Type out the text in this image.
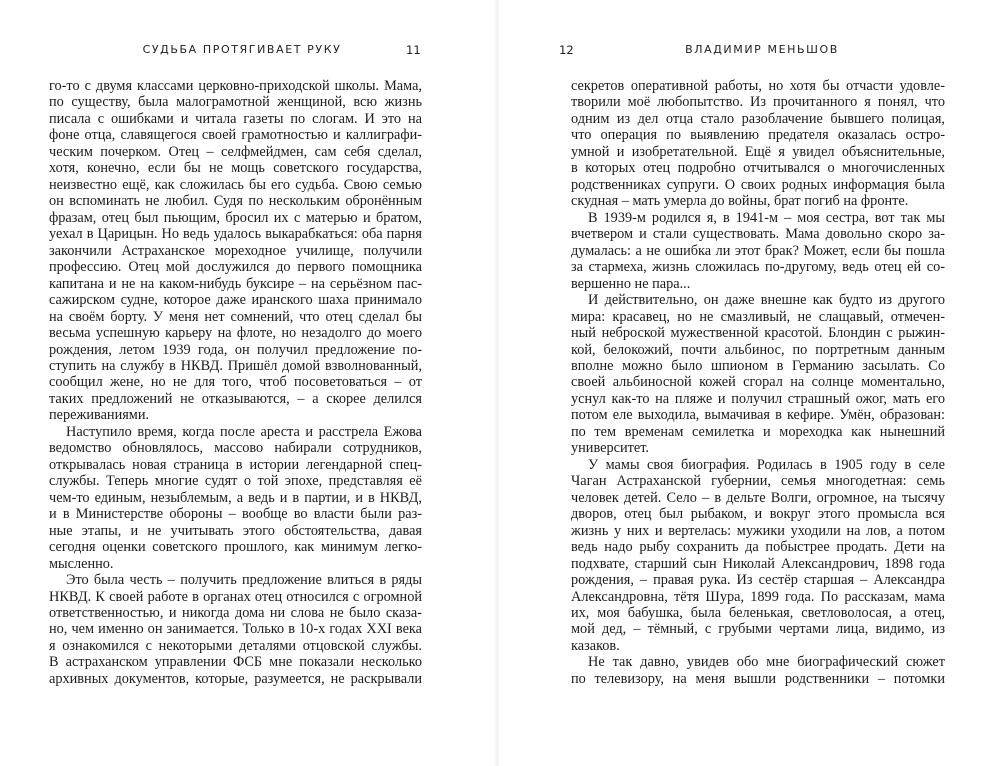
СУДЬБА ПРОТЯГИВАЕТ РУКУ	11
го-то с двумя классами церковно-приходской школы. Мама,
по существу, была малограмотной женщиной, всю жизнь
писала с ошибками и читала газеты по слогам. И это на
фоне отца, славящегося своей грамотностью и каллиграфи-
ческим почерком. Отец – селфмейдмен, сам себя сделал,
хотя, конечно, если бы не мощь советского государства,
неизвестно ещё, как сложилась бы его судьба. Свою семью
он вспоминать не любил. Судя по нескольким обронённым
фразам, отец был пьющим, бросил их с матерью и братом,
уехал в Царицын. Но ведь удалось выкарабкаться: оба парня
закончили Астраханское мореходное училище, получили
профессию. Отец мой дослужился до первого помощника
капитана и не на каком-нибудь буксире – на серьёзном пас-
сажирском судне, которое даже иранского шаха принимало
на своём борту. У меня нет сомнений, что отец сделал бы
весьма успешную карьеру на флоте, но незадолго до моего
рождения, летом 1939 года, он получил предложение по-
ступить на службу в НКВД. Пришёл домой взволнованный,
сообщил жене, но не для того, чтоб посоветоваться – от
таких предложений не отказываются, – а скорее делился
переживаниями.
Наступило время, когда после ареста и расстрела Ежова
ведомство обновлялось, массово набирали сотрудников,
открывалась новая страница в истории легендарной спец-
службы. Теперь многие судят о той эпохе, представляя её
чем-то единым, незыблемым, а ведь и в партии, и в НКВД,
и в Министерстве обороны – вообще во власти были раз-
ные этапы, и не учитывать этого обстоятельства, давая
сегодня оценки советского прошлого, как минимум легко-
мысленно.
Это была честь – получить предложение влиться в ряды
НКВД. К своей работе в органах отец относился с огромной
ответственностью, и никогда дома ни слова не было сказа-
но, чем именно он занимается. Только в 10-х годах XXI века
я ознакомился с некоторыми деталями отцовской службы.
В астраханском управлении ФСБ мне показали несколько
архивных документов, которые, разумеется, не раскрывали
12	ВЛАДИМИР МЕНЬШОВ
секретов оперативной работы, но хотя бы отчасти удовле-
творили моё любопытство. Из прочитанного я понял, что
одним из дел отца стало разоблачение бывшего полицая,
что операция по выявлению предателя оказалась остро-
умной и изобретательной. Ещё я увидел объяснительные,
в которых отец подробно отчитывался о многочисленных
родственниках супруги. О своих родных информация была
скудная – мать умерла до войны, брат погиб на фронте.
В 1939-м родился я, в 1941-м – моя сестра, вот так мы
вчетвером и стали существовать. Мама довольно скоро за-
думалась: а не ошибка ли этот брак? Может, если бы пошла
за стармеха, жизнь сложилась по-другому, ведь отец ей со-
вершенно не пара...
И действительно, он даже внешне как будто из другого
мира: красавец, но не смазливый, не слащавый, отмечен-
ный неброской мужественной красотой. Блондин с рыжин-
кой, белокожий, почти альбинос, по портретным данным
вполне можно было шпионом в Германию засылать. Со
своей альбиносной кожей сгорал на солнце моментально,
уснул как-то на пляже и получил страшный ожог, мать его
потом еле выходила, вымачивая в кефире. Умён, образован:
по тем временам семилетка и мореходка как нынешний
университет.
У мамы своя биография. Родилась в 1905 году в селе
Чаган Астраханской губернии, семья многодетная: семь
человек детей. Село – в дельте Волги, огромное, на тысячу
дворов, отец был рыбаком, и вокруг этого промысла вся
жизнь у них и вертелась: мужики уходили на лов, а потом
ведь надо рыбу сохранить да побыстрее продать. Дети на
подхвате, старший сын Николай Александрович, 1898 года
рождения, – правая рука. Из сестёр старшая – Александра
Александровна, тётя Шура, 1899 года. По рассказам, мама
их, моя бабушка, была беленькая, светловолосая, а отец,
мой дед, – тёмный, с грубыми чертами лица, видимо, из
казаков.
Не так давно, увидев обо мне биографический сюжет
по телевизору, на меня вышли родственники – потомки
